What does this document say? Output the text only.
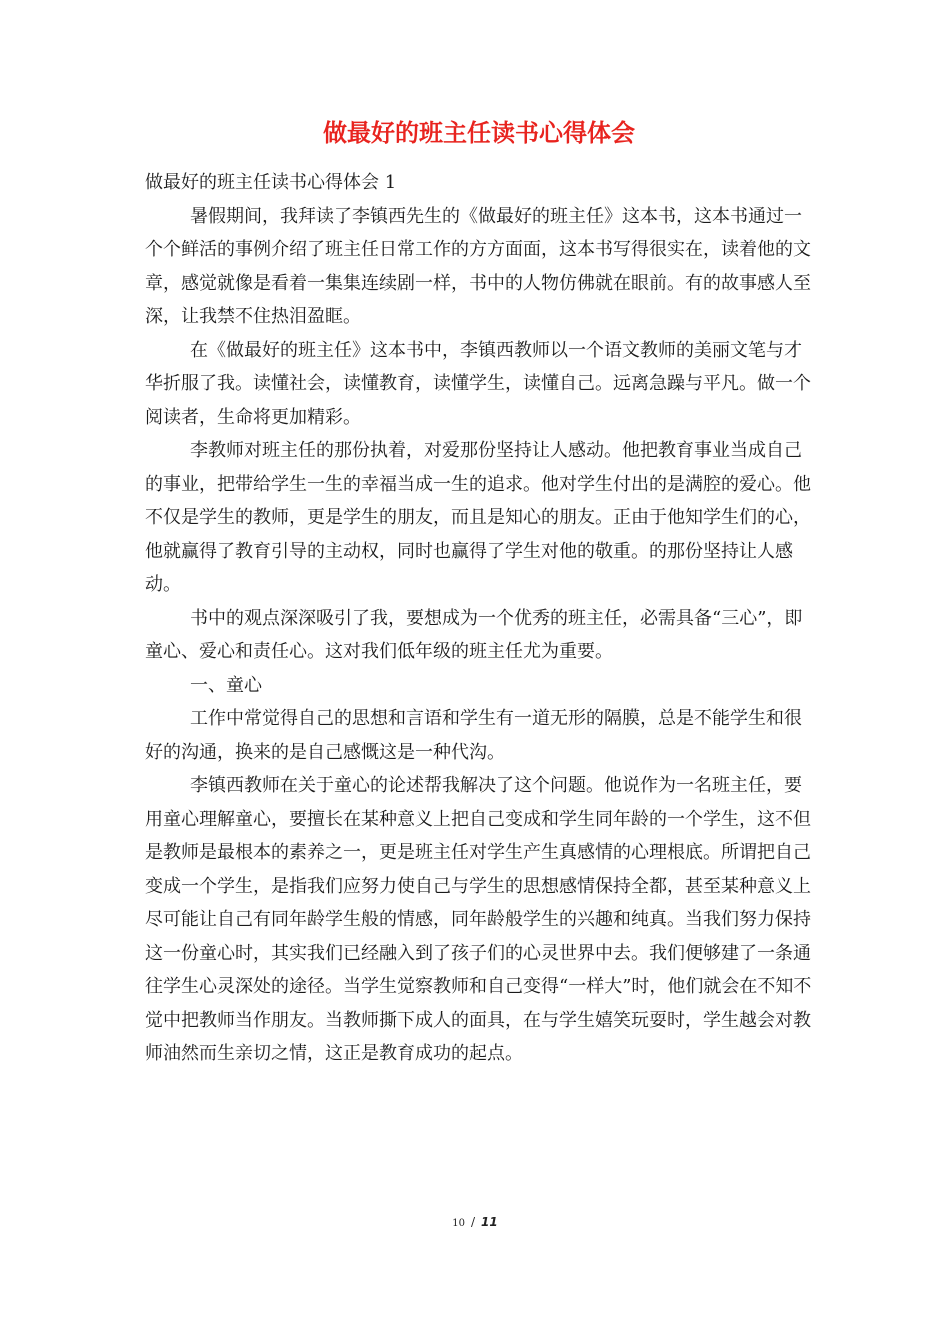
做最好的班主任读书心得体会

做最好的班主任读书心得体会 1

暑假期间，我拜读了李镇西先生的《做最好的班主任》这本书，这本书通过一个个鲜活的事例介绍了班主任日常工作的方方面面，这本书写得很实在，读着他的文章，感觉就像是看着一集集连续剧一样，书中的人物仿佛就在眼前。有的故事感人至深，让我禁不住热泪盈眶。

在《做最好的班主任》这本书中，李镇西教师以一个语文教师的美丽文笔与才华折服了我。读懂社会，读懂教育，读懂学生，读懂自己。远离急躁与平凡。做一个阅读者，生命将更加精彩。

李教师对班主任的那份执着，对爱那份坚持让人感动。他把教育事业当成自己的事业，把带给学生一生的幸福当成一生的追求。他对学生付出的是满腔的爱心。他不仅是学生的教师，更是学生的朋友，而且是知心的朋友。正由于他知学生们的心，他就赢得了教育引导的主动权，同时也赢得了学生对他的敬重。的那份坚持让人感动。

书中的观点深深吸引了我，要想成为一个优秀的班主任，必需具备“三心”，即童心、爱心和责任心。这对我们低年级的班主任尤为重要。

一、童心

工作中常觉得自己的思想和言语和学生有一道无形的隔膜，总是不能学生和很好的沟通，换来的是自己感慨这是一种代沟。

李镇西教师在关于童心的论述帮我解决了这个问题。他说作为一名班主任，要用童心理解童心，要擅长在某种意义上把自己变成和学生同年龄的一个学生，这不但是教师是最根本的素养之一，更是班主任对学生产生真感情的心理根底。所谓把自己变成一个学生，是指我们应努力使自己与学生的思想感情保持全都，甚至某种意义上尽可能让自己有同年龄学生般的情感，同年龄般学生的兴趣和纯真。当我们努力保持这一份童心时，其实我们已经融入到了孩子们的心灵世界中去。我们便够建了一条通往学生心灵深处的途径。当学生觉察教师和自己变得“一样大”时，他们就会在不知不觉中把教师当作朋友。当教师撕下成人的面具，在与学生嬉笑玩耍时，学生越会对教师油然而生亲切之情，这正是教育成功的起点。

10 / 11
